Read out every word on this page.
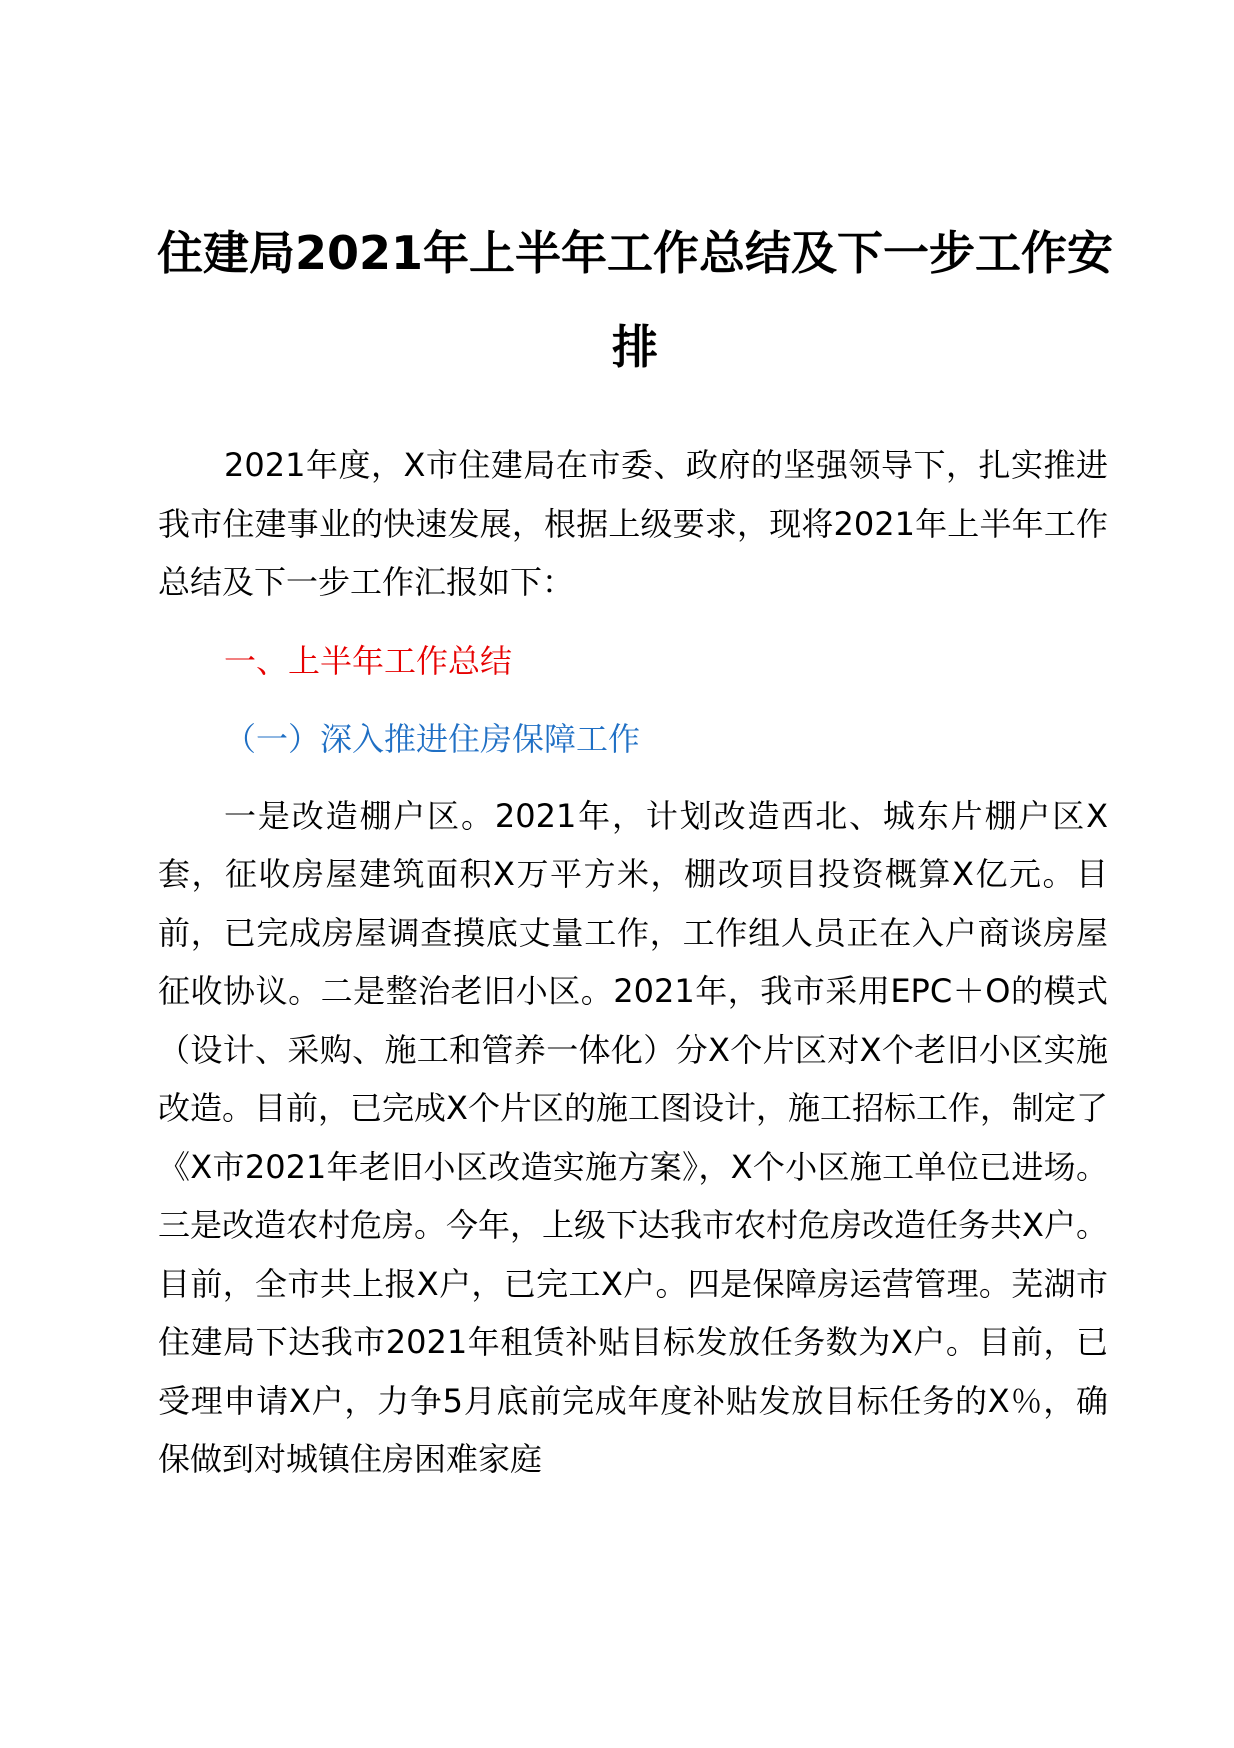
住建局2021年上半年工作总结及下一步工作安排

2021年度，X市住建局在市委、政府的坚强领导下，扎实推进我市住建事业的快速发展，根据上级要求，现将2021年上半年工作总结及下一步工作汇报如下：

一、上半年工作总结

（一）深入推进住房保障工作

一是改造棚户区。2021年，计划改造西北、城东片棚户区X套，征收房屋建筑面积X万平方米，棚改项目投资概算X亿元。目前，已完成房屋调查摸底丈量工作，工作组人员正在入户商谈房屋征收协议。二是整治老旧小区。2021年，我市采用EPC＋O的模式（设计、采购、施工和管养一体化）分X个片区对X个老旧小区实施改造。目前，已完成X个片区的施工图设计，施工招标工作，制定了《X市2021年老旧小区改造实施方案》，X个小区施工单位已进场。三是改造农村危房。今年，上级下达我市农村危房改造任务共X户。目前，全市共上报X户，已完工X户。四是保障房运营管理。芜湖市住建局下达我市2021年租赁补贴目标发放任务数为X户。目前，已受理申请X户，力争5月底前完成年度补贴发放目标任务的X％，确保做到对城镇住房困难家庭
